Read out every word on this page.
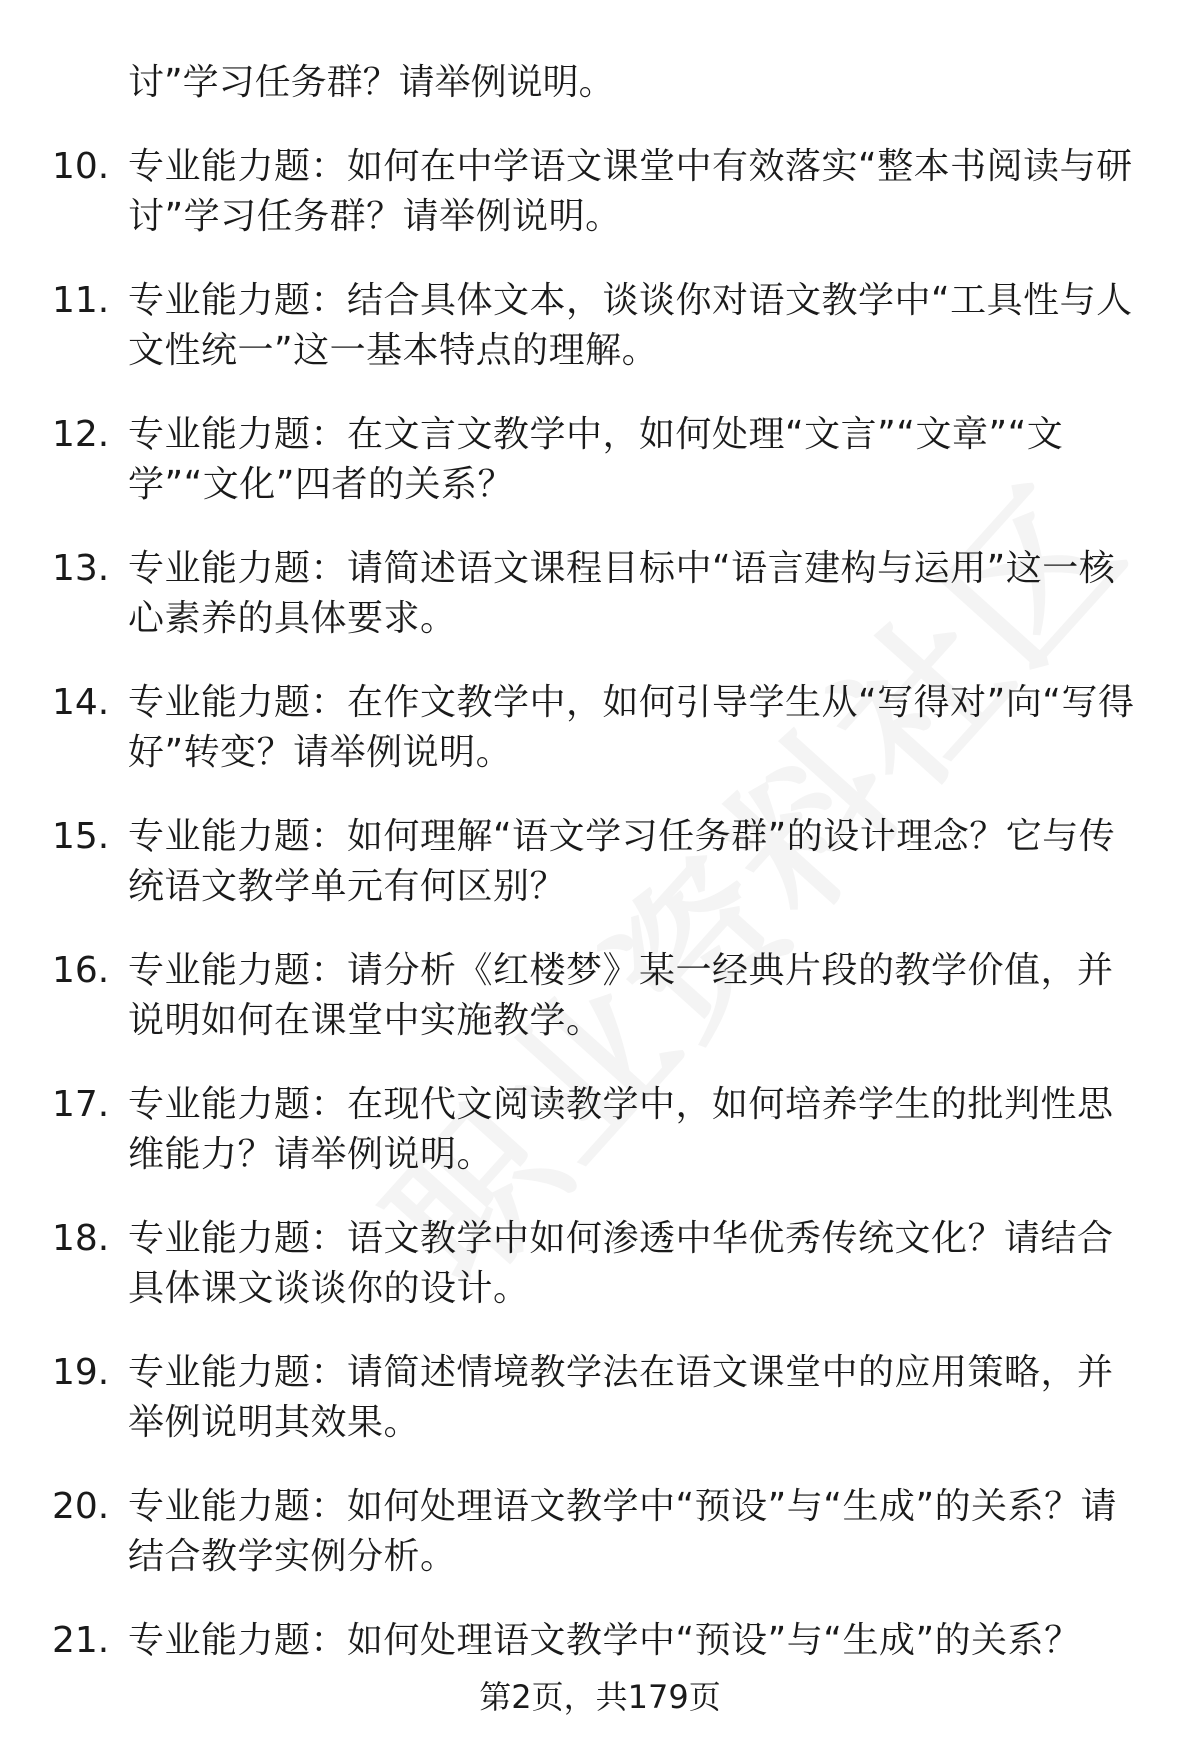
讨”学习任务群？请举例说明。
10. 专业能力题：如何在中学语文课堂中有效落实“整本书阅读与研讨”学习任务群？请举例说明。
11. 专业能力题：结合具体文本，谈谈你对语文教学中“工具性与人文性统一”这一基本特点的理解。
12. 专业能力题：在文言文教学中，如何处理“文言”“文章”“文学”“文化”四者的关系？
13. 专业能力题：请简述语文课程目标中“语言建构与运用”这一核心素养的具体要求。
14. 专业能力题：在作文教学中，如何引导学生从“写得对”向“写得好”转变？请举例说明。
15. 专业能力题：如何理解“语文学习任务群”的设计理念？它与传统语文教学单元有何区别？
16. 专业能力题：请分析《红楼梦》某一经典片段的教学价值，并说明如何在课堂中实施教学。
17. 专业能力题：在现代文阅读教学中，如何培养学生的批判性思维能力？请举例说明。
18. 专业能力题：语文教学中如何渗透中华优秀传统文化？请结合具体课文谈谈你的设计。
19. 专业能力题：请简述情境教学法在语文课堂中的应用策略，并举例说明其效果。
20. 专业能力题：如何处理语文教学中“预设”与“生成”的关系？请结合教学实例分析。
21. 专业能力题：如何处理语文教学中“预设”与“生成”的关系？
第2页，共179页
